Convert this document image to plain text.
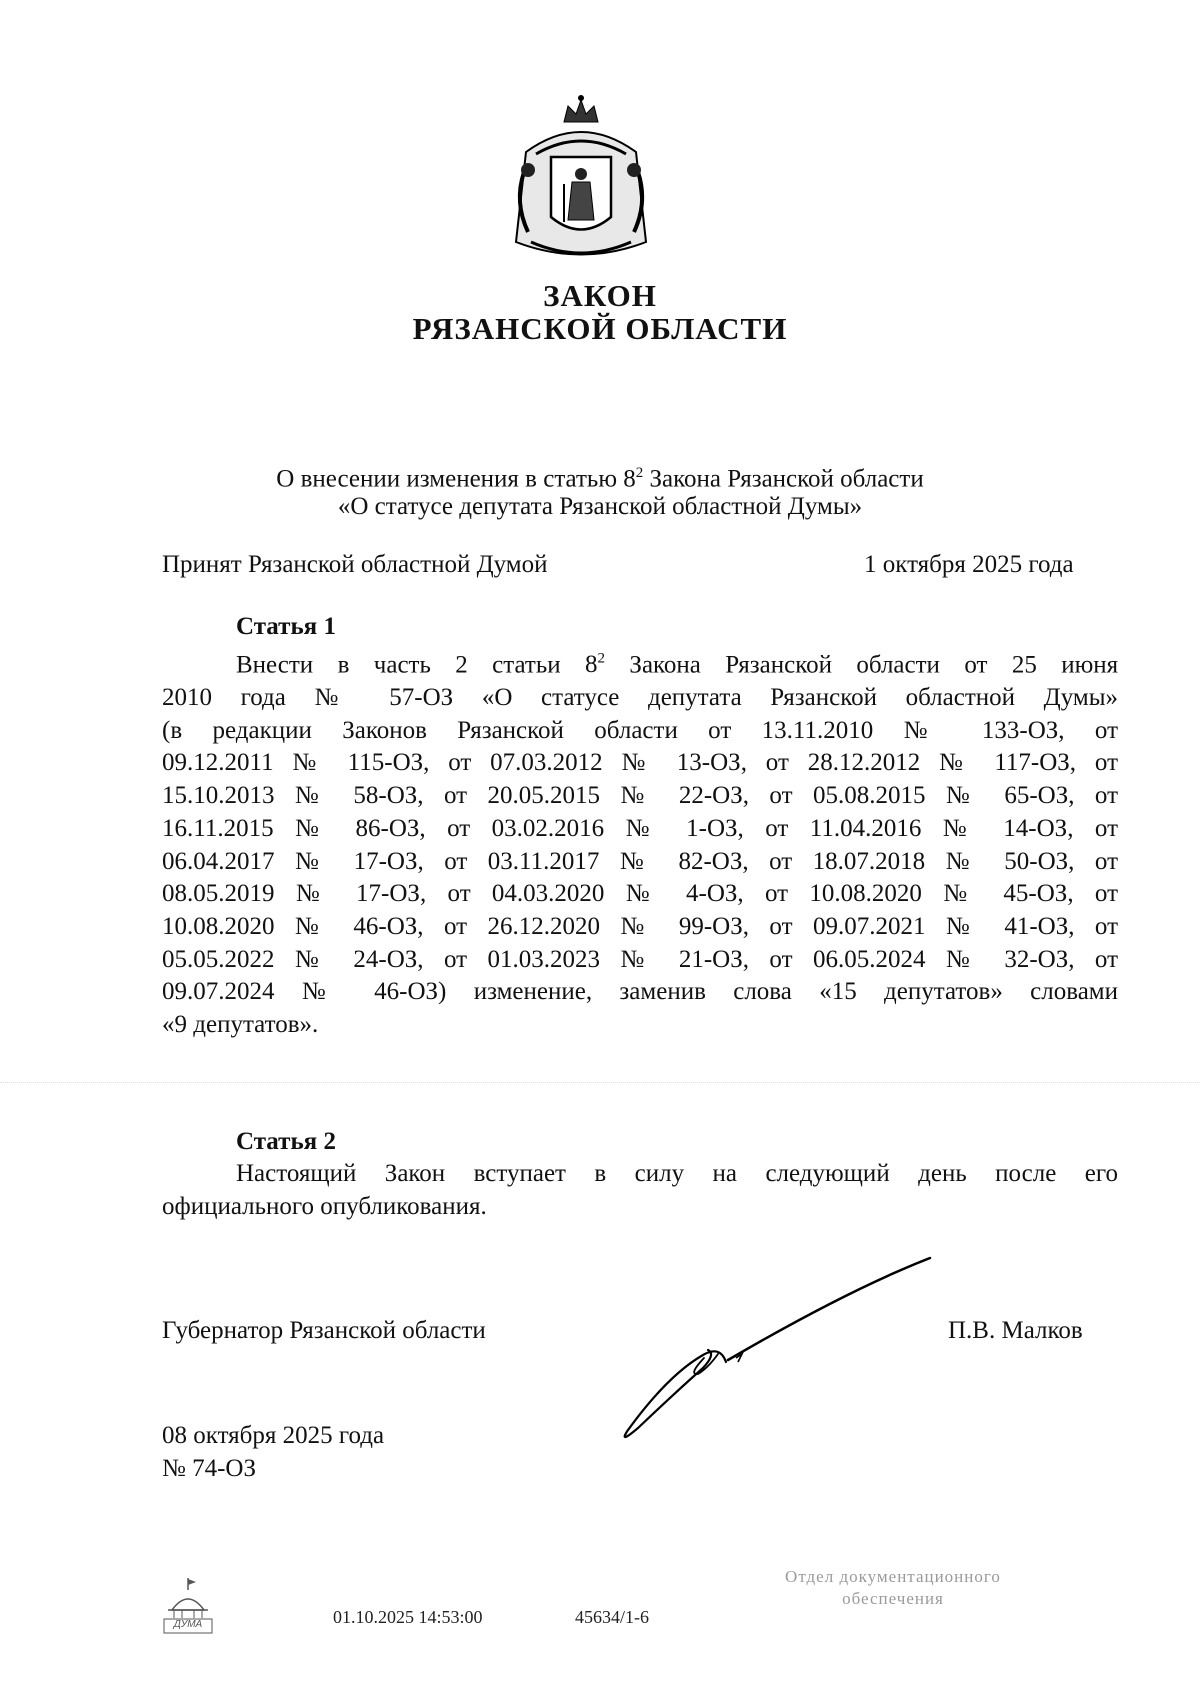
ЗАКОН
РЯЗАНСКОЙ ОБЛАСТИ
О внесении изменения в статью $8^2$ Закона Рязанской области
«О статусе депутата Рязанской областной Думы»
Принят Рязанской областной Думой	1 октября 2025 года
Статья 1
Внести в часть 2 статьи $8^2$ Закона Рязанской области от 25 июня
2010 года № 57-ОЗ «О статусе депутата Рязанской областной Думы»
(в редакции Законов Рязанской области от 13.11.2010 № 133-ОЗ, от
09.12.2011 № 115-ОЗ, от 07.03.2012 № 13-ОЗ, от 28.12.2012 № 117-ОЗ, от
15.10.2013 № 58-ОЗ, от 20.05.2015 № 22-ОЗ, от 05.08.2015 № 65-ОЗ, от
16.11.2015 № 86-ОЗ, от 03.02.2016 № 1-ОЗ, от 11.04.2016 № 14-ОЗ, от
06.04.2017 № 17-ОЗ, от 03.11.2017 № 82-ОЗ, от 18.07.2018 № 50-ОЗ, от
08.05.2019 № 17-ОЗ, от 04.03.2020 № 4-ОЗ, от 10.08.2020 № 45-ОЗ, от
10.08.2020 № 46-ОЗ, от 26.12.2020 № 99-ОЗ, от 09.07.2021 № 41-ОЗ, от
05.05.2022 № 24-ОЗ, от 01.03.2023 № 21-ОЗ, от 06.05.2024 № 32-ОЗ, от
09.07.2024 № 46-ОЗ) изменение, заменив слова «15 депутатов» словами
«9 депутатов».
Статья 2
Настоящий Закон вступает в силу на следующий день после его
официального опубликования.
Губернатор Рязанской области	П.В. Малков
08 октября 2025 года
№ 74-ОЗ
ДУМА	01.10.2025 14:53:00	45634/1-6
Отдел документационного
обеспечения
